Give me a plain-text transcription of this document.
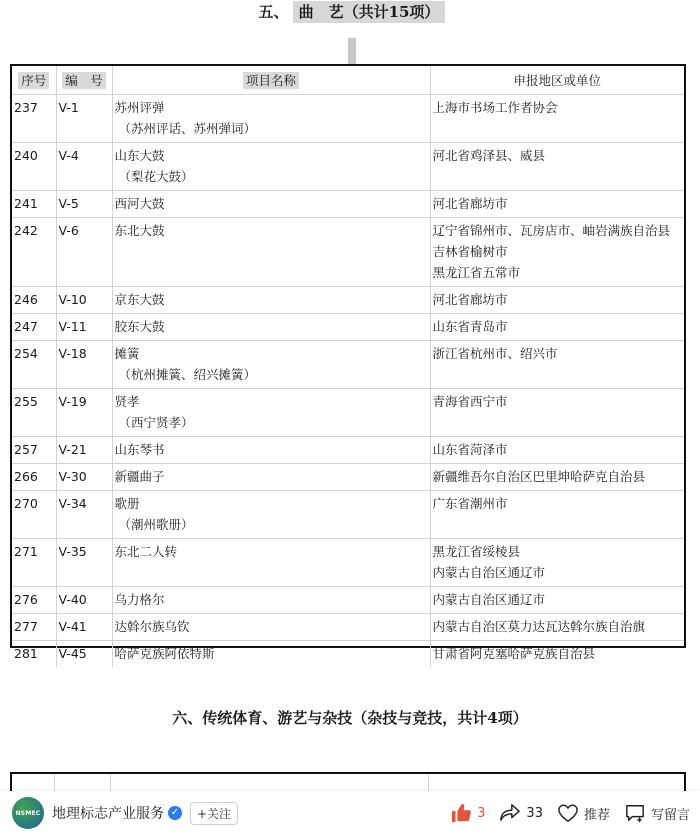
五、 曲　艺（共计15项）
序号	编　号	项目名称	申报地区或单位
237	V-1	苏州评弹
（苏州评话、苏州弹词）	上海市书场工作者协会

240	V-4	山东大鼓
（梨花大鼓）	河北省鸡泽县、威县

241	V-5	西河大鼓	河北省廊坊市

242	V-6	东北大鼓	辽宁省锦州市、瓦房店市、岫岩满族自治县
吉林省榆树市
黑龙江省五常市

246	V-10	京东大鼓	河北省廊坊市

247	V-11	胶东大鼓	山东省青岛市

254	V-18	摊簧
（杭州摊簧、绍兴摊簧）	浙江省杭州市、绍兴市

255	V-19	贤孝
（西宁贤孝）	青海省西宁市

257	V-21	山东琴书	山东省菏泽市

266	V-30	新疆曲子	新疆维吾尔自治区巴里坤哈萨克自治县

270	V-34	歌册
（潮州歌册）	广东省潮州市

271	V-35	东北二人转	黑龙江省绥棱县
内蒙古自治区通辽市

276	V-40	乌力格尔	内蒙古自治区通辽市

277	V-41	达斡尔族乌钦	内蒙古自治区莫力达瓦达斡尔族自治旗

281	V-45	哈萨克族阿依特斯	甘肃省阿克塞哈萨克族自治县
六、传统体育、游艺与杂技（杂技与竞技，共计4项）
NSMEC 地理标志产业服务 ✓	+关注	3	33	推荐	写留言
